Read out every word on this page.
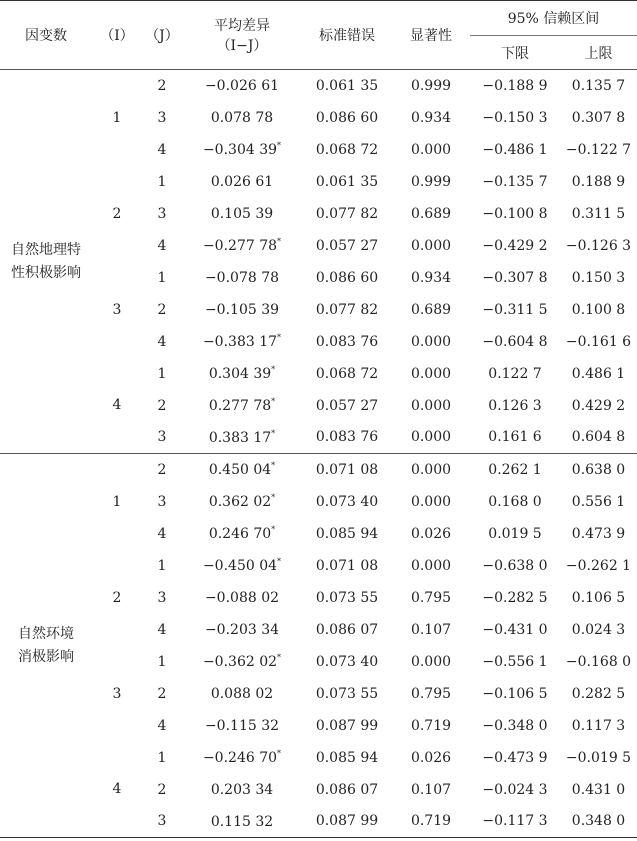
因变数	（I）	（J）	平均差异
（I−J）	标准错误	显著性	95% 信赖区间	
						下限	上限

自然地理特
性积极影响	1	2	−0.026 61	0.061 35	0.999	−0.188 9	0.135 7
		3	0.078 78	0.086 60	0.934	−0.150 3	0.307 8
		4	−0.304 39*	0.068 72	0.000	−0.486 1	−0.122 7
	2	1	0.026 61	0.061 35	0.999	−0.135 7	0.188 9
		3	0.105 39	0.077 82	0.689	−0.100 8	0.311 5
		4	−0.277 78*	0.057 27	0.000	−0.429 2	−0.126 3
	3	1	−0.078 78	0.086 60	0.934	−0.307 8	0.150 3
		2	−0.105 39	0.077 82	0.689	−0.311 5	0.100 8
		4	−0.383 17*	0.083 76	0.000	−0.604 8	−0.161 6
	4	1	0.304 39*	0.068 72	0.000	0.122 7	0.486 1
		2	0.277 78*	0.057 27	0.000	0.126 3	0.429 2
		3	0.383 17*	0.083 76	0.000	0.161 6	0.604 8

自然环境
消极影响	1	2	0.450 04*	0.071 08	0.000	0.262 1	0.638 0
		3	0.362 02*	0.073 40	0.000	0.168 0	0.556 1
		4	0.246 70*	0.085 94	0.026	0.019 5	0.473 9
	2	1	−0.450 04*	0.071 08	0.000	−0.638 0	−0.262 1
		3	−0.088 02	0.073 55	0.795	−0.282 5	0.106 5
		4	−0.203 34	0.086 07	0.107	−0.431 0	0.024 3
	3	1	−0.362 02*	0.073 40	0.000	−0.556 1	−0.168 0
		2	0.088 02	0.073 55	0.795	−0.106 5	0.282 5
		4	−0.115 32	0.087 99	0.719	−0.348 0	0.117 3
	4	1	−0.246 70*	0.085 94	0.026	−0.473 9	−0.019 5
		2	0.203 34	0.086 07	0.107	−0.024 3	0.431 0
		3	0.115 32	0.087 99	0.719	−0.117 3	0.348 0
